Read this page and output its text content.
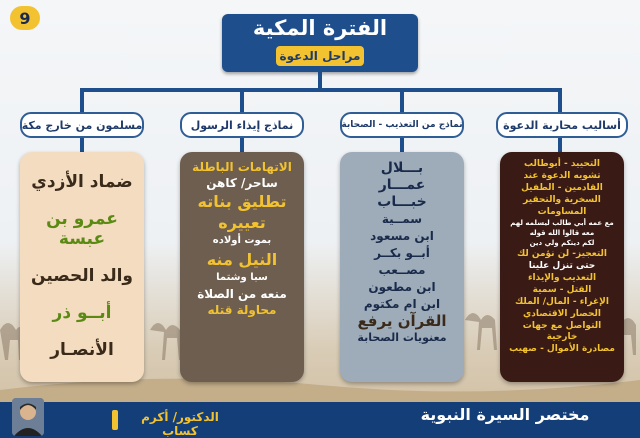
9	الفترة المكية
مراحل الدعوة
مسلمون من خارج مكة	نماذج إيذاء الرسول	نماذج من التعذيب - الصحابة	أساليب محاربة الدعوة
ضماد الأزدي
عمرو بن عبسة
والد الحصين
أبــو ذر
الأنصـار
الاتهامات الباطلة
ساحر/ كاهن
تطليق بناته
تعييره
بموت أولاده
النيل منه
سبا وشتما
منعه من الصلاة
محاولة قتله
بـــلال
عمـــار
خبـــاب
سمــية
ابن مسعود
أبــو بكــر
مصــعب
ابن مطعون
ابن ام مكتوم
القرآن يرفع
معنويات الصحابة
التحييد - أبوطالب
تشويه الدعوة عند
القادمين - الطفيل
السخرية والتحقير
المساومات
مع عمه أبي طالب ليسلمه لهم
معه قالوا الله قوله
لكم دينكم ولي دين
التعجيز- لن نؤمن لك
حتى تنزل علينا
التعذيب والإيذاء
القتل - سمية
الإغراء - المال/ الملك
الحصار الاقتصادي
التواصل مع جهات خارجية
مصادرة الأموال - صهيب
مختصر السيرة النبوية
الدكتور/ أكرم كساب
